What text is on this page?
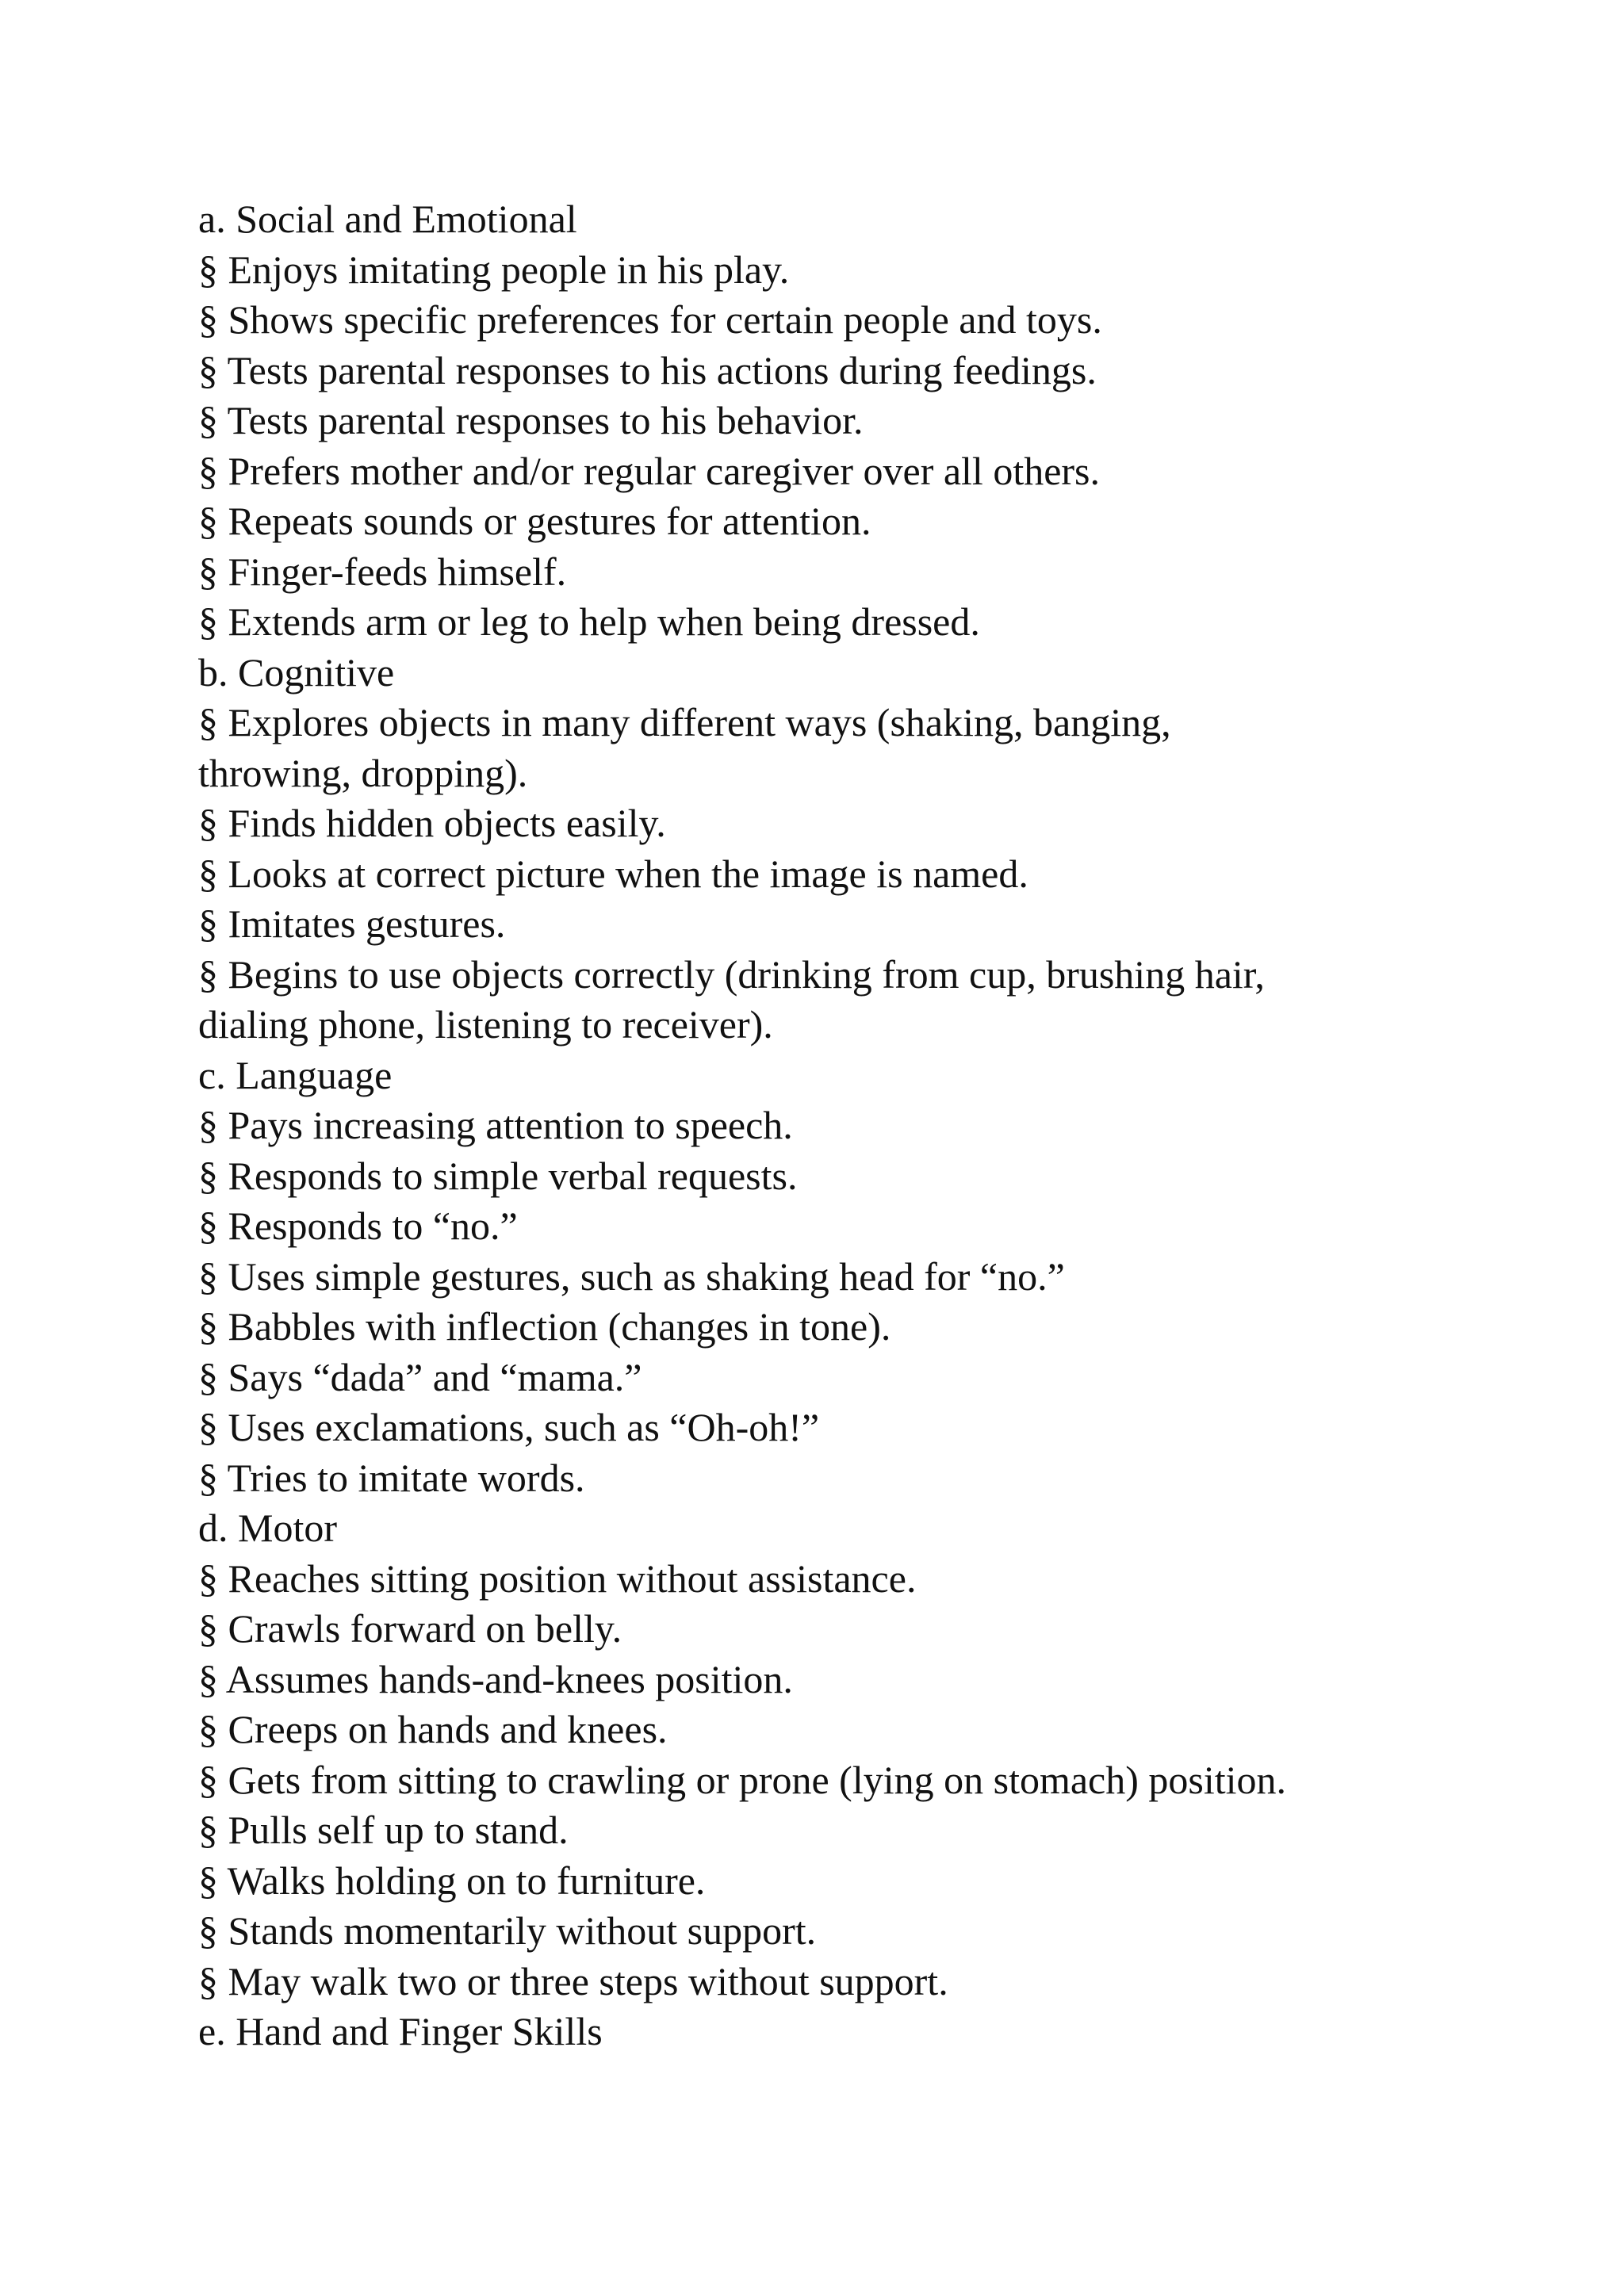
a. Social and Emotional
§ Enjoys imitating people in his play.
§ Shows specific preferences for certain people and toys.
§ Tests parental responses to his actions during feedings.
§ Tests parental responses to his behavior.
§ Prefers mother and/or regular caregiver over all others.
§ Repeats sounds or gestures for attention.
§ Finger-feeds himself.
§ Extends arm or leg to help when being dressed.
b. Cognitive
§ Explores objects in many different ways (shaking, banging,
throwing, dropping).
§ Finds hidden objects easily.
§ Looks at correct picture when the image is named.
§ Imitates gestures.
§ Begins to use objects correctly (drinking from cup, brushing hair,
dialing phone, listening to receiver).
c. Language
§ Pays increasing attention to speech.
§ Responds to simple verbal requests.
§ Responds to “no.”
§ Uses simple gestures, such as shaking head for “no.”
§ Babbles with inflection (changes in tone).
§ Says “dada” and “mama.”
§ Uses exclamations, such as “Oh-oh!”
§ Tries to imitate words.
d. Motor
§ Reaches sitting position without assistance.
§ Crawls forward on belly.
§ Assumes hands-and-knees position.
§ Creeps on hands and knees.
§ Gets from sitting to crawling or prone (lying on stomach) position.
§ Pulls self up to stand.
§ Walks holding on to furniture.
§ Stands momentarily without support.
§ May walk two or three steps without support.
e. Hand and Finger Skills
